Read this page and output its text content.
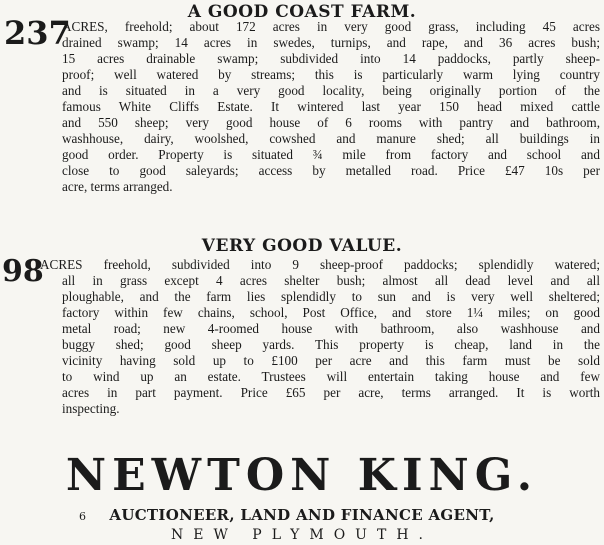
A GOOD COAST FARM.
237
ACRES, freehold; about 172 acres in very good grass, including 45 acres
drained swamp; 14 acres in swedes, turnips, and rape, and 36 acres bush;
15 acres drainable swamp; subdivided into 14 paddocks, partly sheep-
proof; well watered by streams; this is particularly warm lying country
and is situated in a very good locality, being originally portion of the
famous White Cliffs Estate. It wintered last year 150 head mixed cattle
and 550 sheep; very good house of 6 rooms with pantry and bathroom,
washhouse, dairy, woolshed, cowshed and manure shed; all buildings in
good order. Property is situated ¾ mile from factory and school and
close to good saleyards; access by metalled road. Price £47 10s per
acre, terms arranged.
VERY GOOD VALUE.
98
ACRES freehold, subdivided into 9 sheep-proof paddocks; splendidly watered;
all in grass except 4 acres shelter bush; almost all dead level and all
ploughable, and the farm lies splendidly to sun and is very well sheltered;
factory within few chains, school, Post Office, and store 1¼ miles; on good
metal road; new 4-roomed house with bathroom, also washhouse and
buggy shed; good sheep yards. This property is cheap, land in the
vicinity having sold up to £100 per acre and this farm must be sold
to wind up an estate. Trustees will entertain taking house and few
acres in part payment. Price £65 per acre, terms arranged. It is worth
inspecting.
NEWTON KING.
6	AUCTIONEER, LAND AND FINANCE AGENT,
NEW PLYMOUTH.
